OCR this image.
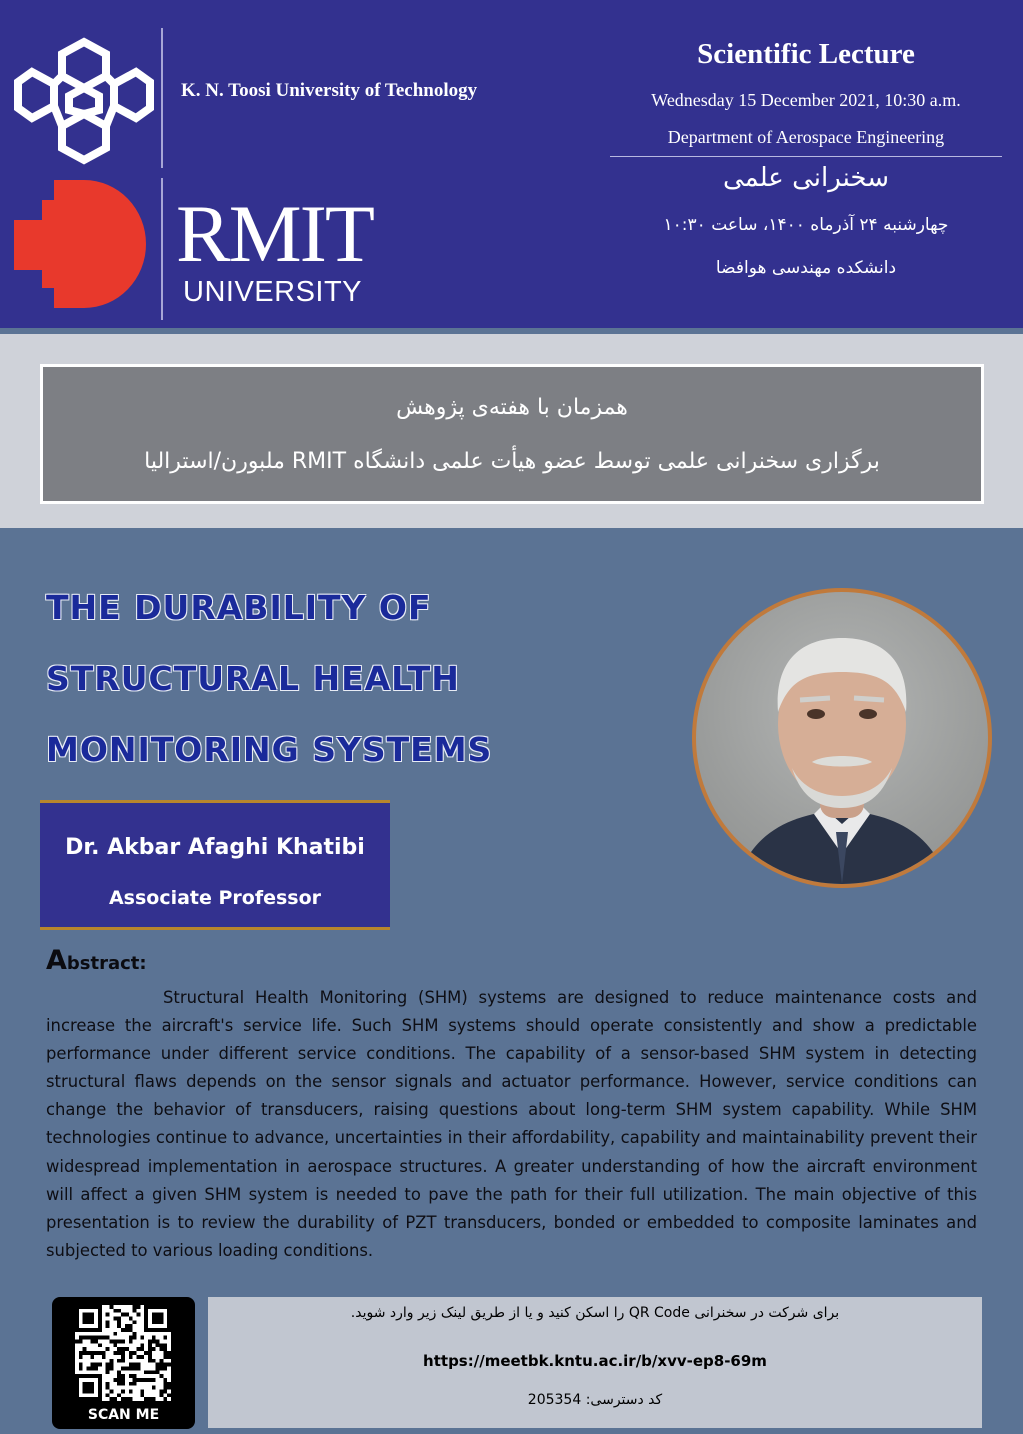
K. N. Toosi University of Technology
RMIT
UNIVERSITY
Scientific Lecture
Wednesday 15 December 2021, 10:30 a.m.
Department of Aerospace Engineering
سخنرانی علمی
چهارشنبه ۲۴ آذرماه ۱۴۰۰، ساعت ۱۰:۳۰
دانشکده مهندسی هوافضا
همزمان با هفته‌ی پژوهش
برگزاری سخنرانی علمی توسط عضو هیأت علمی دانشگاه RMIT ملبورن/استرالیا
THE DURABILITY OF
STRUCTURAL HEALTH
MONITORING SYSTEMS
Dr. Akbar Afaghi Khatibi
Associate Professor
Abstract:

Structural Health Monitoring (SHM) systems are designed to reduce maintenance costs and increase the aircraft's service life. Such SHM systems should operate consistently and show a predictable performance under different service conditions. The capability of a sensor-based SHM system in detecting structural flaws depends on the sensor signals and actuator performance. However, service conditions can change the behavior of transducers, raising questions about long-term SHM system capability. While SHM technologies continue to advance, uncertainties in their affordability, capability and maintainability prevent their widespread implementation in aerospace structures. A greater understanding of how the aircraft environment will affect a given SHM system is needed to pave the path for their full utilization. The main objective of this presentation is to review the durability of PZT transducers, bonded or embedded to composite laminates and subjected to various loading conditions.

SCAN ME
برای شرکت در سخنرانی QR Code را اسکن کنید و یا از طریق لینک زیر وارد شوید.
https://meetbk.kntu.ac.ir/b/xvv-ep8-69m
کد دسترسی: 205354
